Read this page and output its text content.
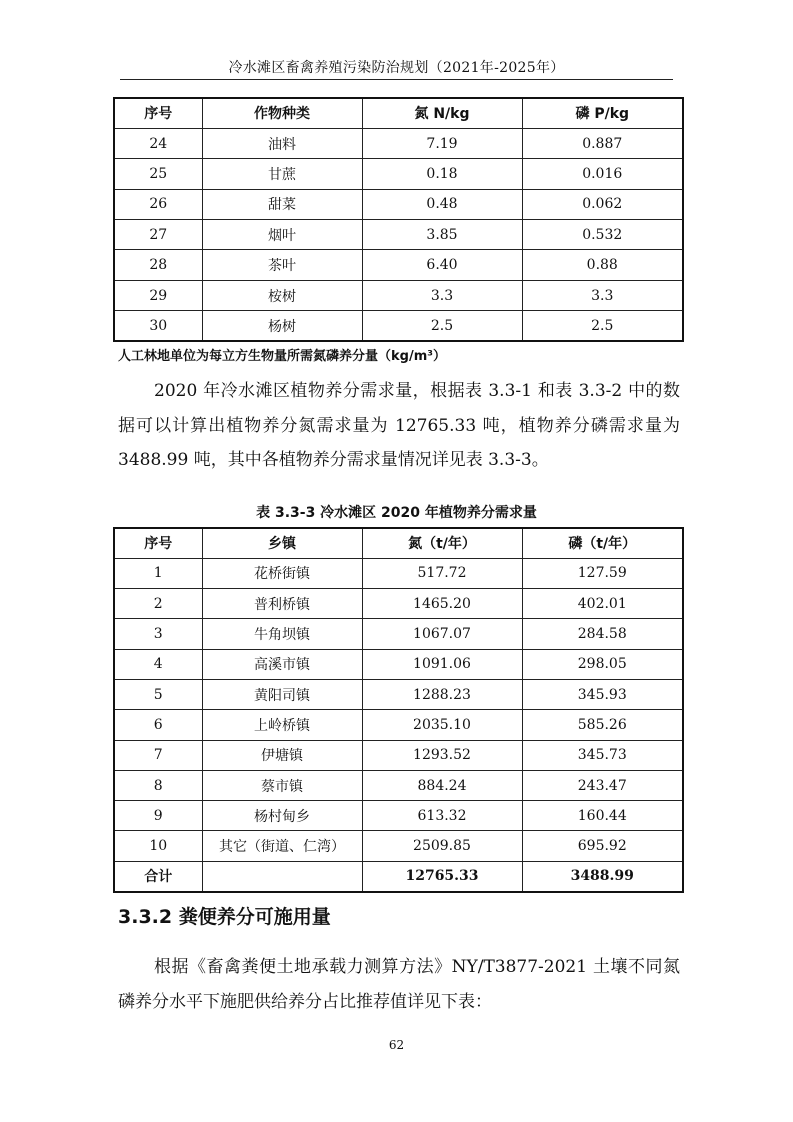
冷水滩区畜禽养殖污染防治规划（2021年-2025年）
序号	作物种类	氮 N/kg	磷 P/kg
24	油料	7.19	0.887
25	甘蔗	0.18	0.016
26	甜菜	0.48	0.062
27	烟叶	3.85	0.532
28	茶叶	6.40	0.88
29	桉树	3.3	3.3
30	杨树	2.5	2.5
人工林地单位为每立方生物量所需氮磷养分量（kg/m³）

2020 年冷水滩区植物养分需求量，根据表 3.3-1 和表 3.3-2 中的数据可以计算出植物养分氮需求量为 12765.33 吨，植物养分磷需求量为 3488.99 吨，其中各植物养分需求量情况详见表 3.3-3。

表 3.3-3 冷水滩区 2020 年植物养分需求量
序号	乡镇	氮（t/年）	磷（t/年）
1	花桥街镇	517.72	127.59
2	普利桥镇	1465.20	402.01
3	牛角坝镇	1067.07	284.58
4	高溪市镇	1091.06	298.05
5	黄阳司镇	1288.23	345.93
6	上岭桥镇	2035.10	585.26
7	伊塘镇	1293.52	345.73
8	蔡市镇	884.24	243.47
9	杨村甸乡	613.32	160.44
10	其它（街道、仁湾）	2509.85	695.92
合计		12765.33	3488.99
3.3.2 粪便养分可施用量

根据《畜禽粪便土地承载力测算方法》NY/T3877-2021 土壤不同氮磷养分水平下施肥供给养分占比推荐值详见下表：

62
